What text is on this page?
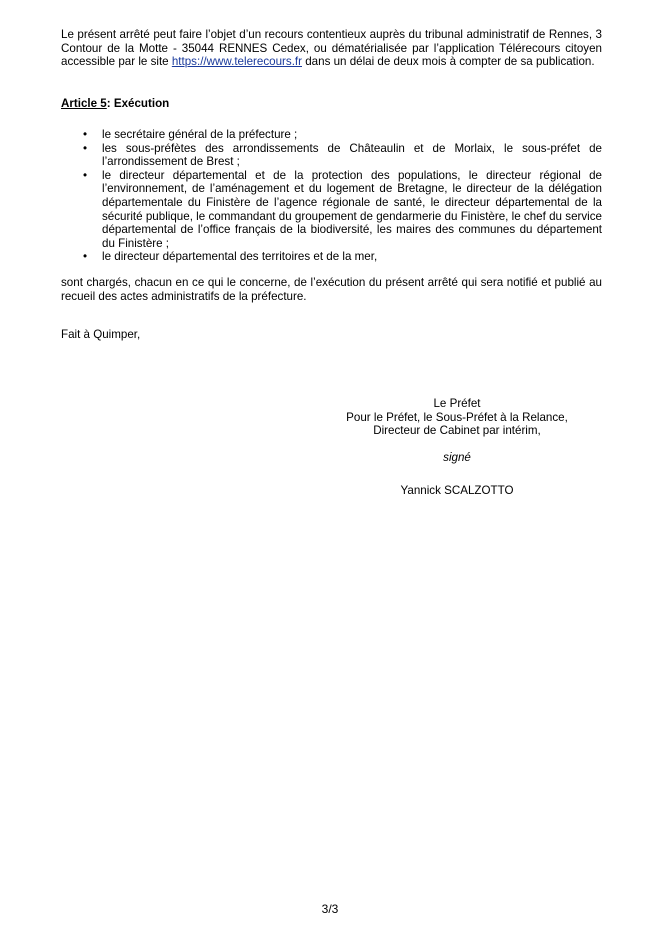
Le présent arrêté peut faire l’objet d’un recours contentieux auprès du tribunal administratif de Rennes, 3 Contour de la Motte - 35044 RENNES Cedex, ou dématérialisée par l’application Télérecours citoyen accessible par le site https://www.telerecours.fr dans un délai de deux mois à compter de sa publication.
Article 5: Exécution
• le secrétaire général de la préfecture ;
• les sous-préfètes des arrondissements de Châteaulin et de Morlaix, le sous-préfet de l’arrondissement de Brest ;
• le directeur départemental et de la protection des populations, le directeur régional de l’environnement, de l’aménagement et du logement de Bretagne, le directeur de la délégation départementale du Finistère de l’agence régionale de santé, le directeur départemental de la sécurité publique, le commandant du groupement de gendarmerie du Finistère, le chef du service départemental de l’office français de la biodiversité, les maires des communes du département du Finistère ;
• le directeur départemental des territoires et de la mer,
sont chargés, chacun en ce qui le concerne, de l’exécution du présent arrêté qui sera notifié et publié au recueil des actes administratifs de la préfecture.
Fait à Quimper,
Le Préfet
Pour le Préfet, le Sous-Préfet à la Relance,
Directeur de Cabinet par intérim,
signé
Yannick SCALZOTTO
3/3
